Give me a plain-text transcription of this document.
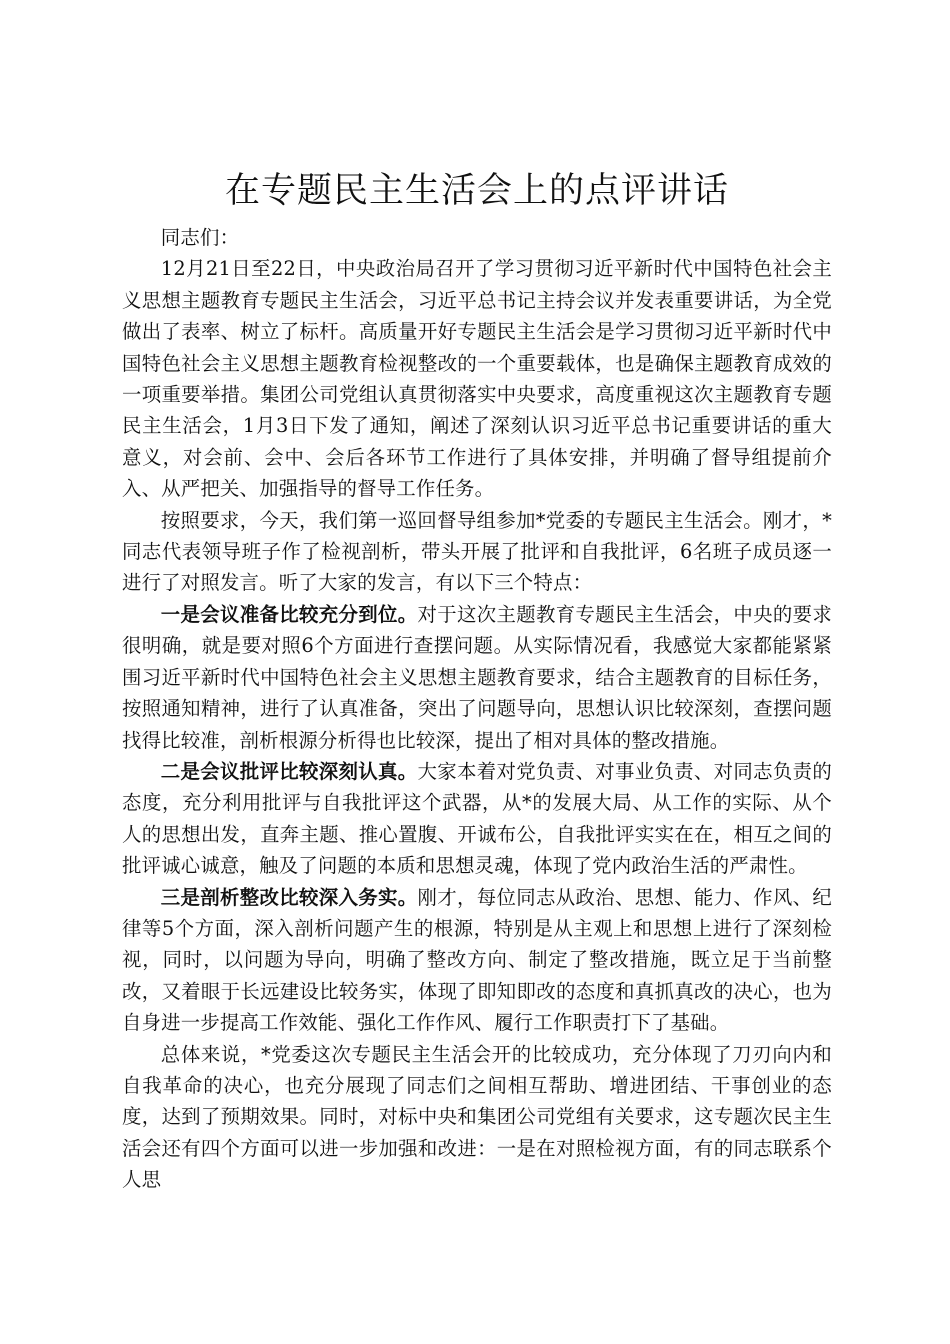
在专题民主生活会上的点评讲话

同志们：

12月21日至22日，中央政治局召开了学习贯彻习近平新时代中国特色社会主义思想主题教育专题民主生活会，习近平总书记主持会议并发表重要讲话，为全党做出了表率、树立了标杆。高质量开好专题民主生活会是学习贯彻习近平新时代中国特色社会主义思想主题教育检视整改的一个重要载体，也是确保主题教育成效的一项重要举措。集团公司党组认真贯彻落实中央要求，高度重视这次主题教育专题民主生活会，1月3日下发了通知，阐述了深刻认识习近平总书记重要讲话的重大意义，对会前、会中、会后各环节工作进行了具体安排，并明确了督导组提前介入、从严把关、加强指导的督导工作任务。

按照要求，今天，我们第一巡回督导组参加*党委的专题民主生活会。刚才，*同志代表领导班子作了检视剖析，带头开展了批评和自我批评，6名班子成员逐一进行了对照发言。听了大家的发言，有以下三个特点：

一是会议准备比较充分到位。对于这次主题教育专题民主生活会，中央的要求很明确，就是要对照6个方面进行查摆问题。从实际情况看，我感觉大家都能紧紧围习近平新时代中国特色社会主义思想主题教育要求，结合主题教育的目标任务，按照通知精神，进行了认真准备，突出了问题导向，思想认识比较深刻，查摆问题找得比较准，剖析根源分析得也比较深，提出了相对具体的整改措施。

二是会议批评比较深刻认真。大家本着对党负责、对事业负责、对同志负责的态度，充分利用批评与自我批评这个武器，从*的发展大局、从工作的实际、从个人的思想出发，直奔主题、推心置腹、开诚布公，自我批评实实在在，相互之间的批评诚心诚意，触及了问题的本质和思想灵魂，体现了党内政治生活的严肃性。

三是剖析整改比较深入务实。刚才，每位同志从政治、思想、能力、作风、纪律等5个方面，深入剖析问题产生的根源，特别是从主观上和思想上进行了深刻检视，同时，以问题为导向，明确了整改方向、制定了整改措施，既立足于当前整改，又着眼于长远建设比较务实，体现了即知即改的态度和真抓真改的决心，也为自身进一步提高工作效能、强化工作作风、履行工作职责打下了基础。

总体来说，*党委这次专题民主生活会开的比较成功，充分体现了刀刃向内和自我革命的决心，也充分展现了同志们之间相互帮助、增进团结、干事创业的态度，达到了预期效果。同时，对标中央和集团公司党组有关要求，这专题次民主生活会还有四个方面可以进一步加强和改进：一是在对照检视方面，有的同志联系个人思
